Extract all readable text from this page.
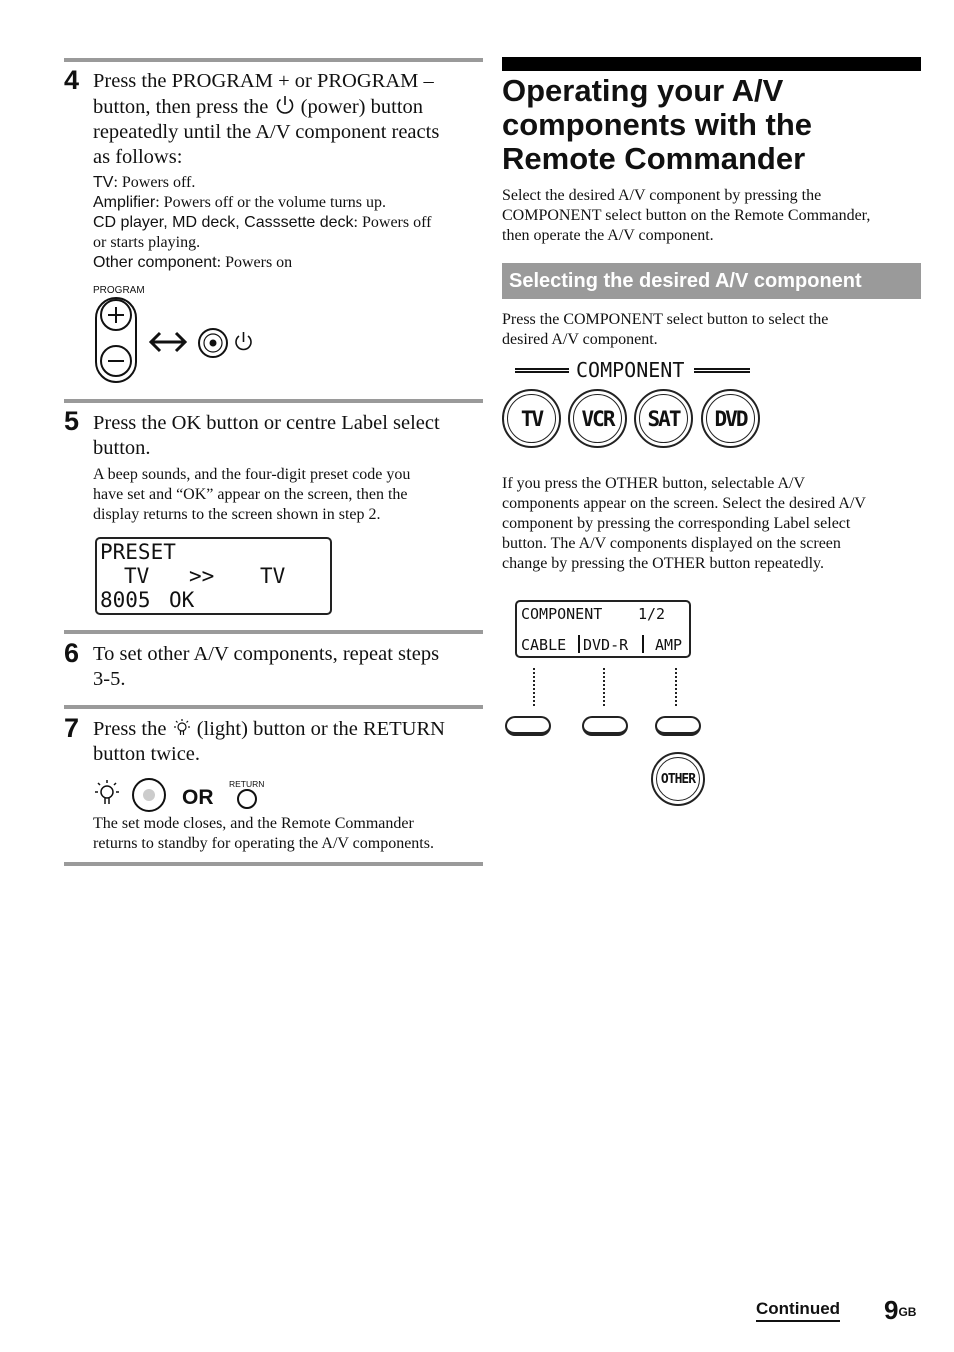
4 Press the PROGRAM + or PROGRAM –
button, then press the (power) button
repeatedly until the A/V component reacts
as follows:
TV: Powers off.
Amplifier: Powers off or the volume turns up.
CD player, MD deck, Casssette deck: Powers off
or starts playing.
Other component: Powers on
PROGRAM
5 Press the OK button or centre Label select
button.
A beep sounds, and the four-digit preset code you
have set and “OK” appear on the screen, then the
display returns to the screen shown in step 2.
PRESET
TV >> TV
8005 OK
6 To set other A/V components, repeat steps
3-5.
7 Press the (light) button or the RETURN
button twice.
OR
RETURN
The set mode closes, and the Remote Commander
returns to standby for operating the A/V components.
Operating your A/V
components with the
Remote Commander
Select the desired A/V component by pressing the
COMPONENT select button on the Remote Commander,
then operate the A/V component.
Selecting the desired A/V component
Press the COMPONENT select button to select the
desired A/V component.
COMPONENT
TV	VCR	SAT	DVD
If you press the OTHER button, selectable A/V
components appear on the screen. Select the desired A/V
component by pressing the corresponding Label select
button. The A/V components displayed on the screen
change by pressing the OTHER button repeatedly.
COMPONENT 1/2
CABLE DVD-R AMP
OTHER
Continued $9^{GB}$
